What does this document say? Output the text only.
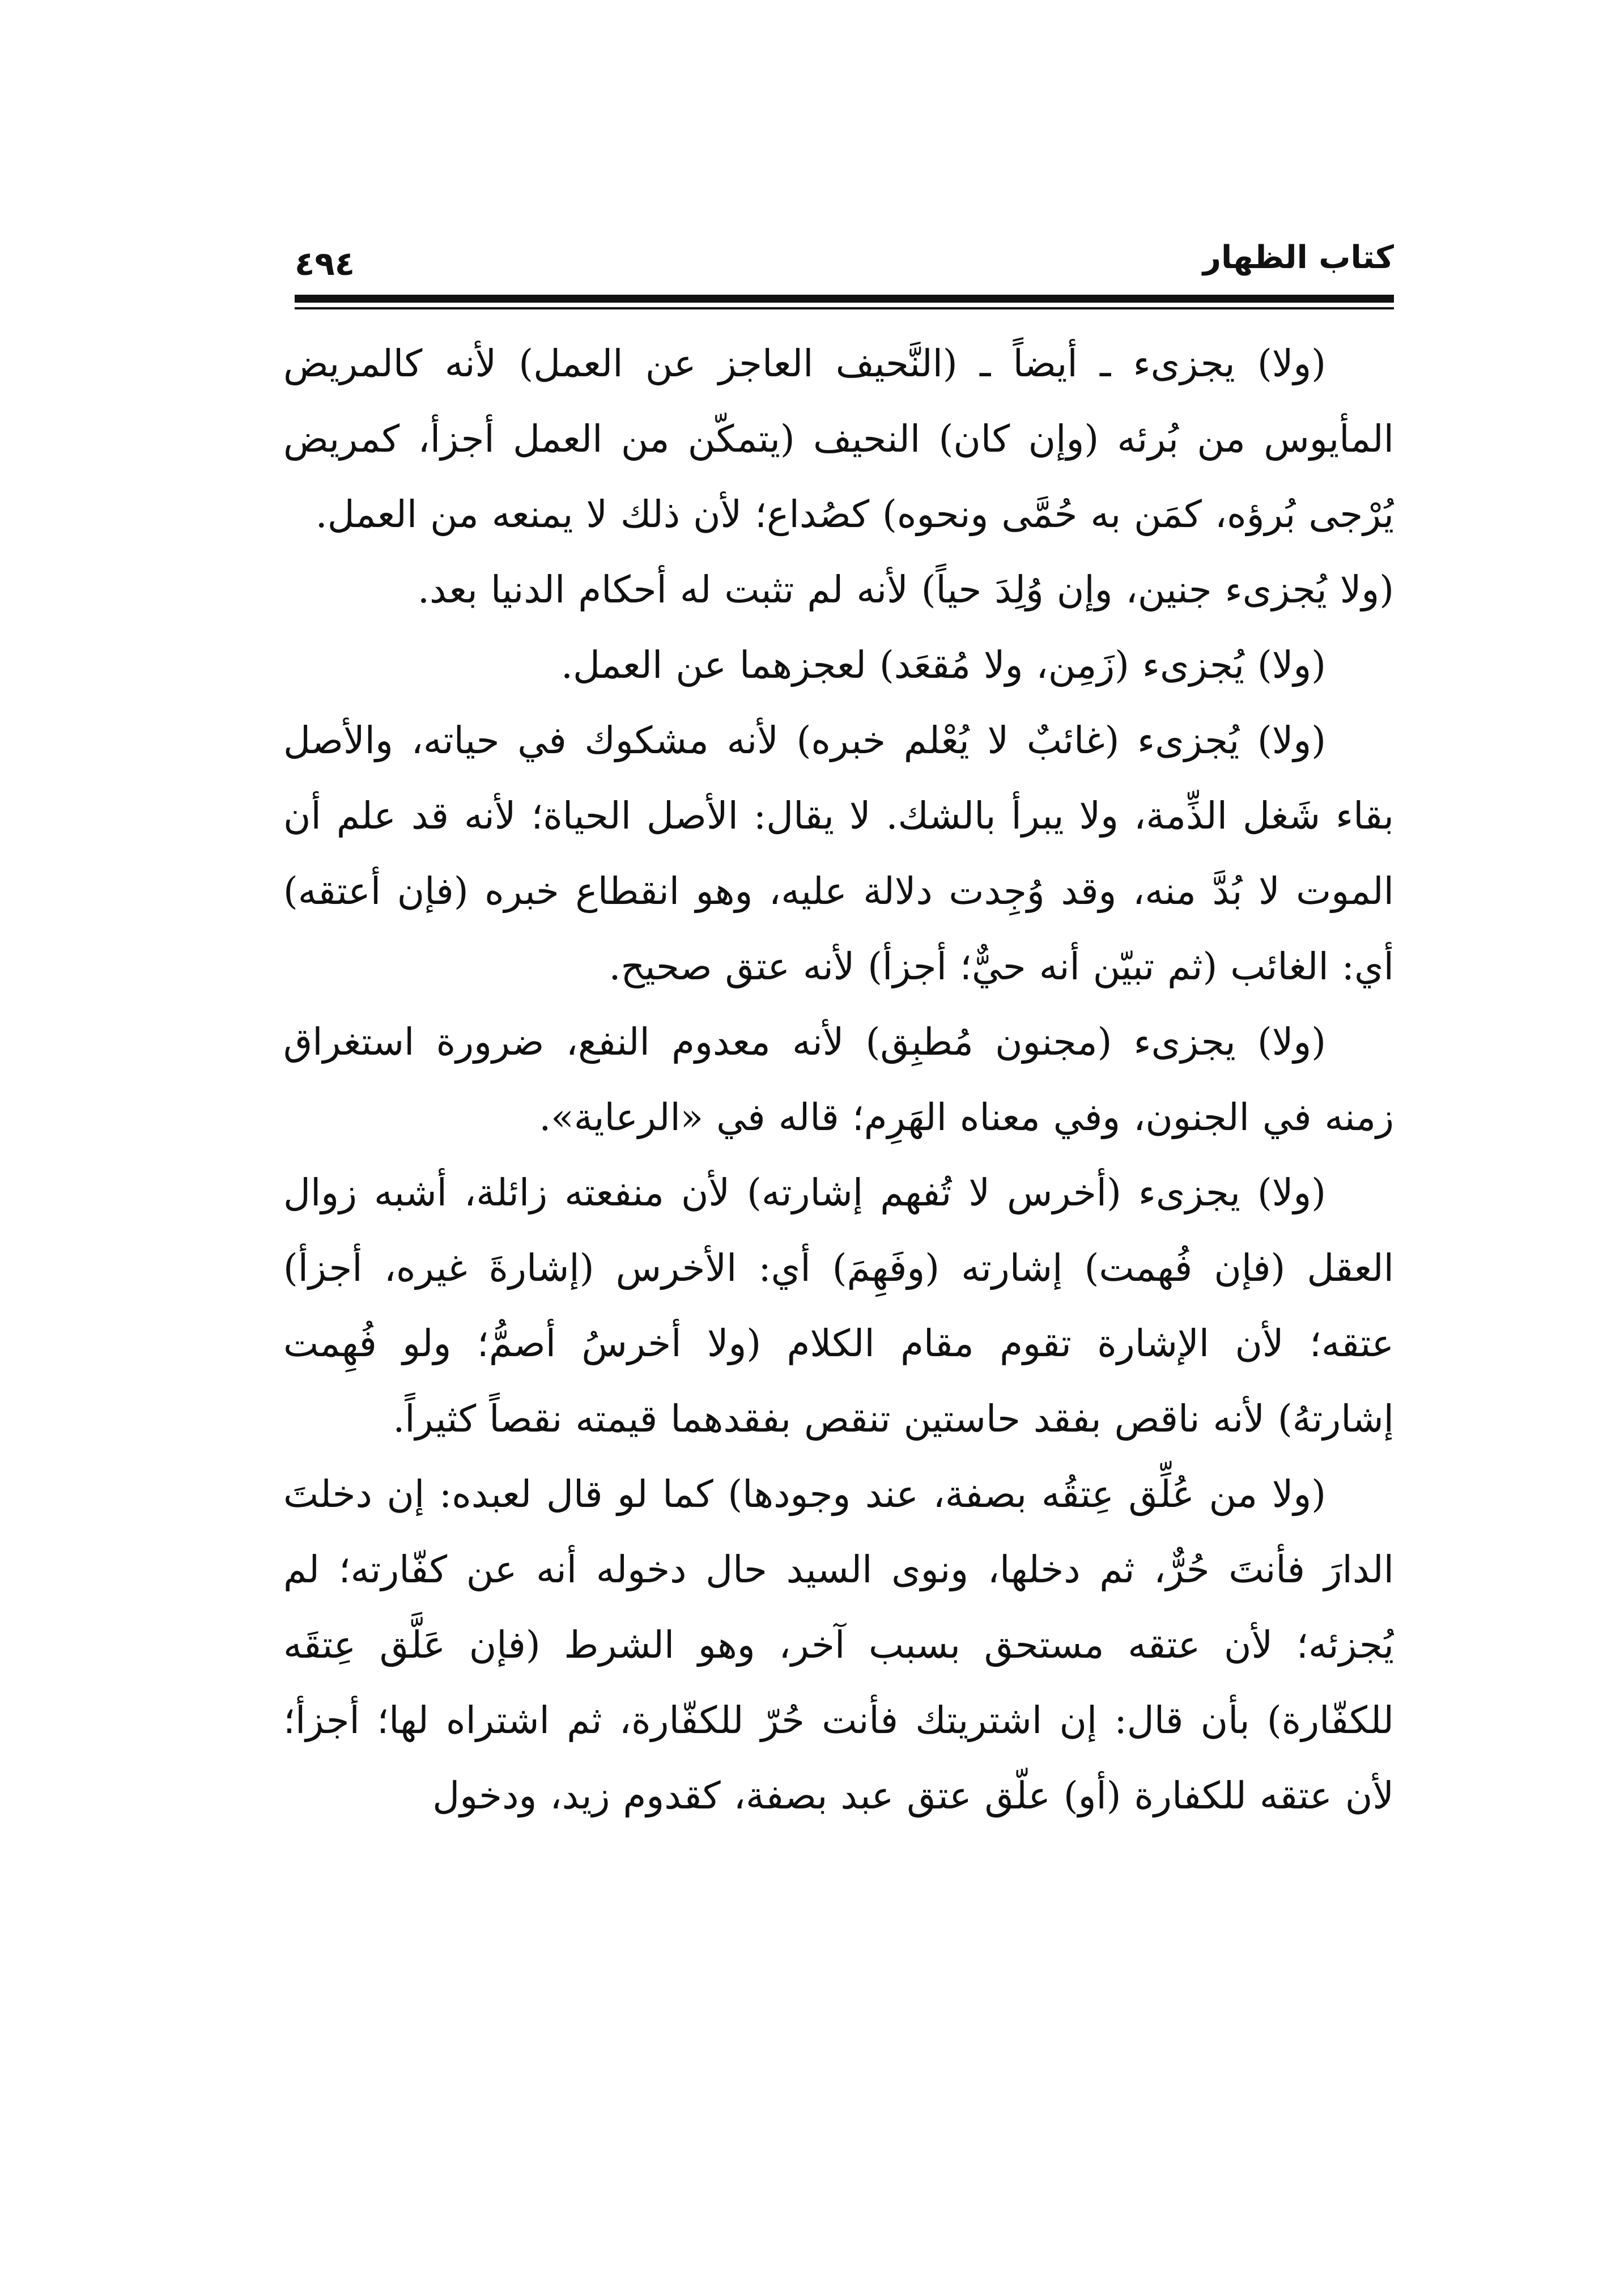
كتاب الظهار
٤٩٤

(ولا) يجزىء ـ أيضاً ـ (النَّحيف العاجز عن العمل) لأنه كالمريض المأيوس من بُرئه (وإن كان) النحيف (يتمكّن من العمل أجزأ، كمريض يُرْجى بُرؤه، كمَن به حُمَّى ونحوه) كصُداع؛ لأن ذلك لا يمنعه من العمل.

(ولا يُجزىء جنين، وإن وُلِدَ حياً) لأنه لم تثبت له أحكام الدنيا بعد.

(ولا) يُجزىء (زَمِن، ولا مُقعَد) لعجزهما عن العمل.

(ولا) يُجزىء (غائبٌ لا يُعْلم خبره) لأنه مشكوك في حياته، والأصل بقاء شَغل الذِّمة، ولا يبرأ بالشك. لا يقال: الأصل الحياة؛ لأنه قد علم أن الموت لا بُدَّ منه، وقد وُجِدت دلالة عليه، وهو انقطاع خبره (فإن أعتقه) أي: الغائب (ثم تبيّن أنه حيٌّ؛ أجزأ) لأنه عتق صحيح.

(ولا) يجزىء (مجنون مُطبِق) لأنه معدوم النفع، ضرورة استغراق زمنه في الجنون، وفي معناه الهَرِم؛ قاله في «الرعاية».

(ولا) يجزىء (أخرس لا تُفهم إشارته) لأن منفعته زائلة، أشبه زوال العقل (فإن فُهمت) إشارته (وفَهِمَ) أي: الأخرس (إشارةَ غيره، أجزأ) عتقه؛ لأن الإشارة تقوم مقام الكلام (ولا أخرسُ أصمُّ؛ ولو فُهِمت إشارتهُ) لأنه ناقص بفقد حاستين تنقص بفقدهما قيمته نقصاً كثيراً.

(ولا من عُلِّق عِتقُه بصفة، عند وجودها) كما لو قال لعبده: إن دخلتَ الدارَ فأنتَ حُرٌّ، ثم دخلها، ونوى السيد حال دخوله أنه عن كفّارته؛ لم يُجزئه؛ لأن عتقه مستحق بسبب آخر، وهو الشرط (فإن عَلَّق عِتقَه للكفّارة) بأن قال: إن اشتريتك فأنت حُرّ للكفّارة، ثم اشتراه لها؛ أجزأ؛ لأن عتقه للكفارة (أو) علّق عتق عبد بصفة، كقدوم زيد، ودخول
